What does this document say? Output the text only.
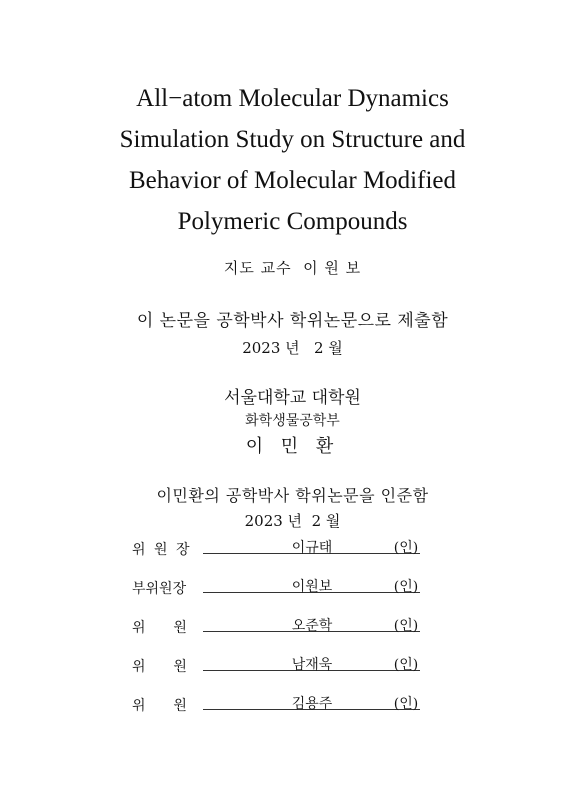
All−atom Molecular Dynamics
Simulation Study on Structure and
Behavior of Molecular Modified
Polymeric Compounds
지도 교수  이 원 보
이 논문을 공학박사 학위논문으로 제출함
2023 년   2 월
서울대학교 대학원
화학생물공학부
이 민 환
이민환의 공학박사 학위논문을 인준함
2023 년  2 월
위 원 장	이규태	(인)
부위원장	이원보	(인)
위    원	오준학	(인)
위    원	남재욱	(인)
위    원	김용주	(인)
